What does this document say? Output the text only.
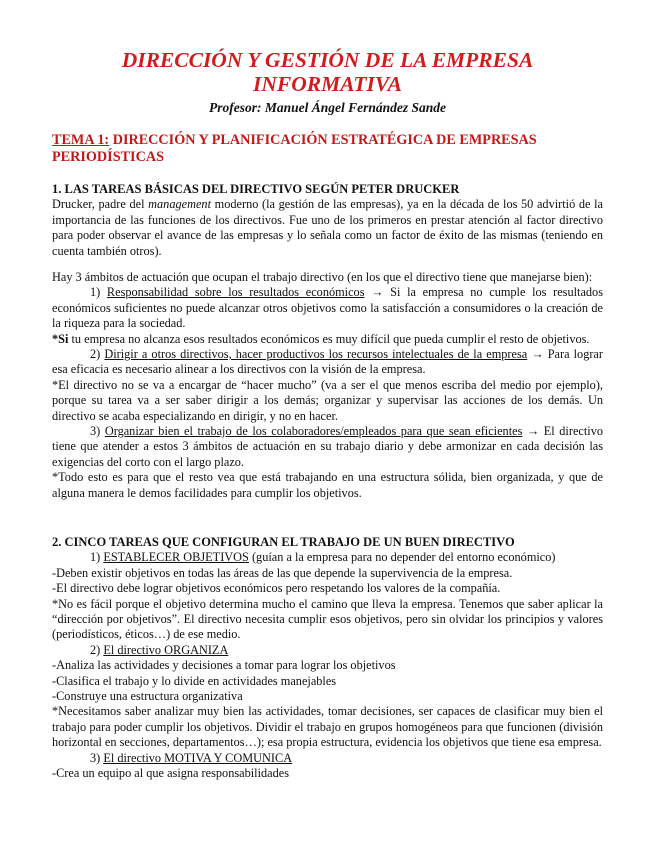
DIRECCIÓN Y GESTIÓN DE LA EMPRESA
INFORMATIVA

Profesor: Manuel Ángel Fernández Sande

TEMA 1: DIRECCIÓN Y PLANIFICACIÓN ESTRATÉGICA DE EMPRESAS PERIODÍSTICAS
1. LAS TAREAS BÁSICAS DEL DIRECTIVO SEGÚN PETER DRUCKER

Drucker, padre del management moderno (la gestión de las empresas), ya en la década de los 50 advirtió de la importancia de las funciones de los directivos. Fue uno de los primeros en prestar atención al factor directivo para poder observar el avance de las empresas y lo señala como un factor de éxito de las mismas (teniendo en cuenta también otros).

Hay 3 ámbitos de actuación que ocupan el trabajo directivo (en los que el directivo tiene que manejarse bien):

1) Responsabilidad sobre los resultados económicos → Si la empresa no cumple los resultados económicos suficientes no puede alcanzar otros objetivos como la satisfacción a consumidores o la creación de la riqueza para la sociedad.

*Si tu empresa no alcanza esos resultados económicos es muy difícil que pueda cumplir el resto de objetivos.

2) Dirigir a otros directivos, hacer productivos los recursos intelectuales de la empresa → Para lograr esa eficacia es necesario alinear a los directivos con la visión de la empresa.

*El directivo no se va a encargar de “hacer mucho” (va a ser el que menos escriba del medio por ejemplo), porque su tarea va a ser saber dirigir a los demás; organizar y supervisar las acciones de los demás. Un directivo se acaba especializando en dirigir, y no en hacer.

3) Organizar bien el trabajo de los colaboradores/empleados para que sean eficientes → El directivo tiene que atender a estos 3 ámbitos de actuación en su trabajo diario y debe armonizar en cada decisión las exigencias del corto con el largo plazo.

*Todo esto es para que el resto vea que está trabajando en una estructura sólida, bien organizada, y que de alguna manera le demos facilidades para cumplir los objetivos.

2. CINCO TAREAS QUE CONFIGURAN EL TRABAJO DE UN BUEN DIRECTIVO

1) ESTABLECER OBJETIVOS (guían a la empresa para no depender del entorno económico)

-Deben existir objetivos en todas las áreas de las que depende la supervivencia de la empresa.

-El directivo debe lograr objetivos económicos pero respetando los valores de la compañía.

*No es fácil porque el objetivo determina mucho el camino que lleva la empresa. Tenemos que saber aplicar la “dirección por objetivos”. El directivo necesita cumplir esos objetivos, pero sin olvidar los principios y valores (periodísticos, éticos…) de ese medio.

2) El directivo ORGANIZA

-Analiza las actividades y decisiones a tomar para lograr los objetivos

-Clasifica el trabajo y lo divide en actividades manejables

-Construye una estructura organizativa

*Necesitamos saber analizar muy bien las actividades, tomar decisiones, ser capaces de clasificar muy bien el trabajo para poder cumplir los objetivos. Dividir el trabajo en grupos homogéneos para que funcionen (división horizontal en secciones, departamentos…); esa propia estructura, evidencia los objetivos que tiene esa empresa.

3) El directivo MOTIVA Y COMUNICA

-Crea un equipo al que asigna responsabilidades
